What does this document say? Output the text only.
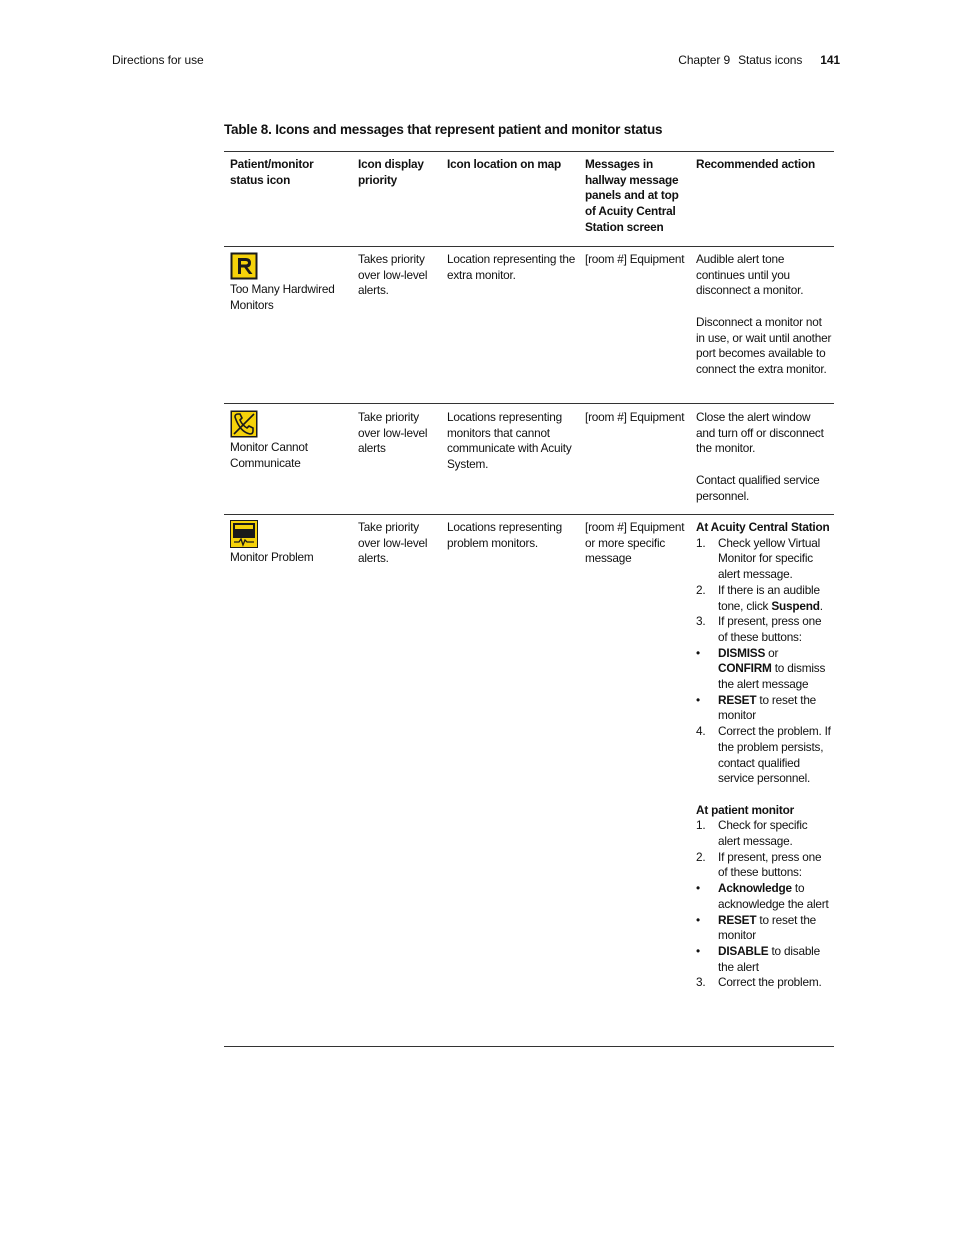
Directions for use	Chapter 9 Status icons 141
Table 8. Icons and messages that represent patient and monitor status
Patient/monitor status icon
Icon display priority
Icon location on map	Messages in hallway message panels and at top of Acuity Central Station screen
Recommended action
Too Many Hardwired Monitors
Takes priority over low-level alerts.
Location representing the extra monitor.
[room #] Equipment Audible alert tone continues until you disconnect a monitor.
Disconnect a monitor not in use, or wait until another port becomes available to connect the extra monitor.
Monitor Cannot Communicate
Take priority over low-level alerts
Locations representing monitors that cannot communicate with Acuity System.
[room #] Equipment Close the alert window and turn off or disconnect the monitor.
Contact qualified service personnel.
Monitor Problem
Take priority over low-level alerts.
Locations representing problem monitors.
[room #] Equipment or more specific message
At Acuity Central Station
1. Check yellow Virtual Monitor for specific alert message.
2. If there is an audible tone, click Suspend.
3. If present, press one of these buttons:
• DISMISS or CONFIRM to dismiss the alert message
• RESET to reset the monitor
4. Correct the problem. If the problem persists, contact qualified service personnel.
At patient monitor
1. Check for specific alert message.
2. If present, press one of these buttons:
• Acknowledge to acknowledge the alert
• RESET to reset the monitor
• DISABLE to disable the alert
3. Correct the problem.
